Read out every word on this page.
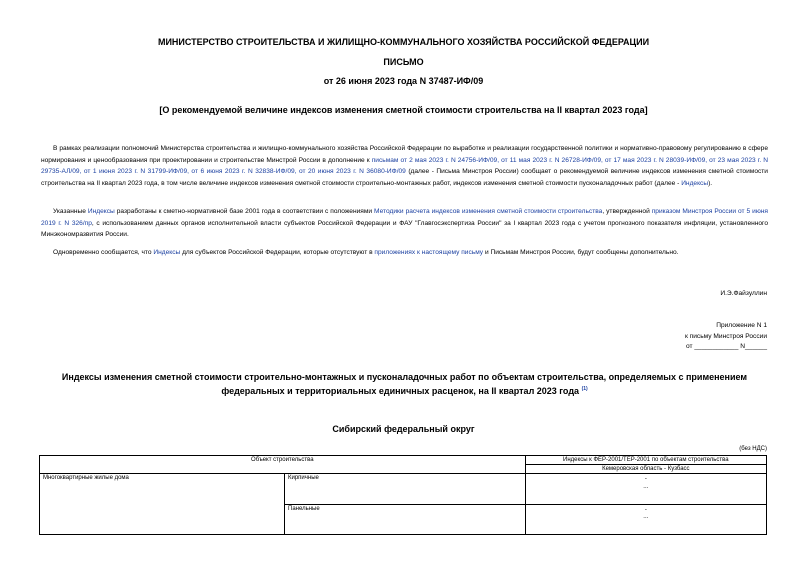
МИНИСТЕРСТВО СТРОИТЕЛЬСТВА И ЖИЛИЩНО-КОММУНАЛЬНОГО ХОЗЯЙСТВА РОССИЙСКОЙ ФЕДЕРАЦИИ
ПИСЬМО
от 26 июня 2023 года N 37487-ИФ/09
[О рекомендуемой величине индексов изменения сметной стоимости строительства на II квартал 2023 года]
В рамках реализации полномочий Министерства строительства и жилищно-коммунального хозяйства Российской Федерации по выработке и реализации государственной политики и нормативно-правовому регулированию в сфере нормирования и ценообразования при проектировании и строительстве Минстрой России в дополнение к письмам от 2 мая 2023 г. N 24756-ИФ/09, от 11 мая 2023 г. N 26728-ИФ/09, от 17 мая 2023 г. N 28039-ИФ/09, от 23 мая 2023 г. N 29735-АЛ/09, от 1 июня 2023 г. N 31799-ИФ/09, от 6 июня 2023 г. N 32838-ИФ/09, от 20 июня 2023 г. N 36080-ИФ/09 (далее - Письма Минстроя России) сообщает о рекомендуемой величине индексов изменения сметной стоимости строительства на II квартал 2023 года, в том числе величине индексов изменения сметной стоимости строительно-монтажных работ, индексов изменения сметной стоимости пусконаладочных работ (далее - Индексы).
Указанные Индексы разработаны к сметно-нормативной базе 2001 года в соответствии с положениями Методики расчета индексов изменения сметной стоимости строительства, утвержденной приказом Минстроя России от 5 июня 2019 г. N 326/пр, с использованием данных органов исполнительной власти субъектов Российской Федерации и ФАУ "Главгосэкспертиза России" за I квартал 2023 года с учетом прогнозного показателя инфляции, установленного Минэкономразвития России.
Одновременно сообщается, что Индексы для субъектов Российской Федерации, которые отсутствуют в приложениях к настоящему письму и Письмам Минстроя России, будут сообщены дополнительно.
И.Э.Файзуллин
Приложение N 1
к письму Минстроя России
от ____________ N______
Индексы изменения сметной стоимости строительно-монтажных и пусконаладочных работ по объектам строительства, определяемых с применением федеральных и территориальных единичных расценок, на II квартал 2023 года $^{(1)}$
Сибирский федеральный округ
(без НДС)
Объект строительства		Индексы к ФЕР-2001/ТЕР-2001 по объектам строительства
		Кемеровская область - Кузбасс
Многоквартирные жилые дома	Кирпичные	-
...

	Панельные	-
...
